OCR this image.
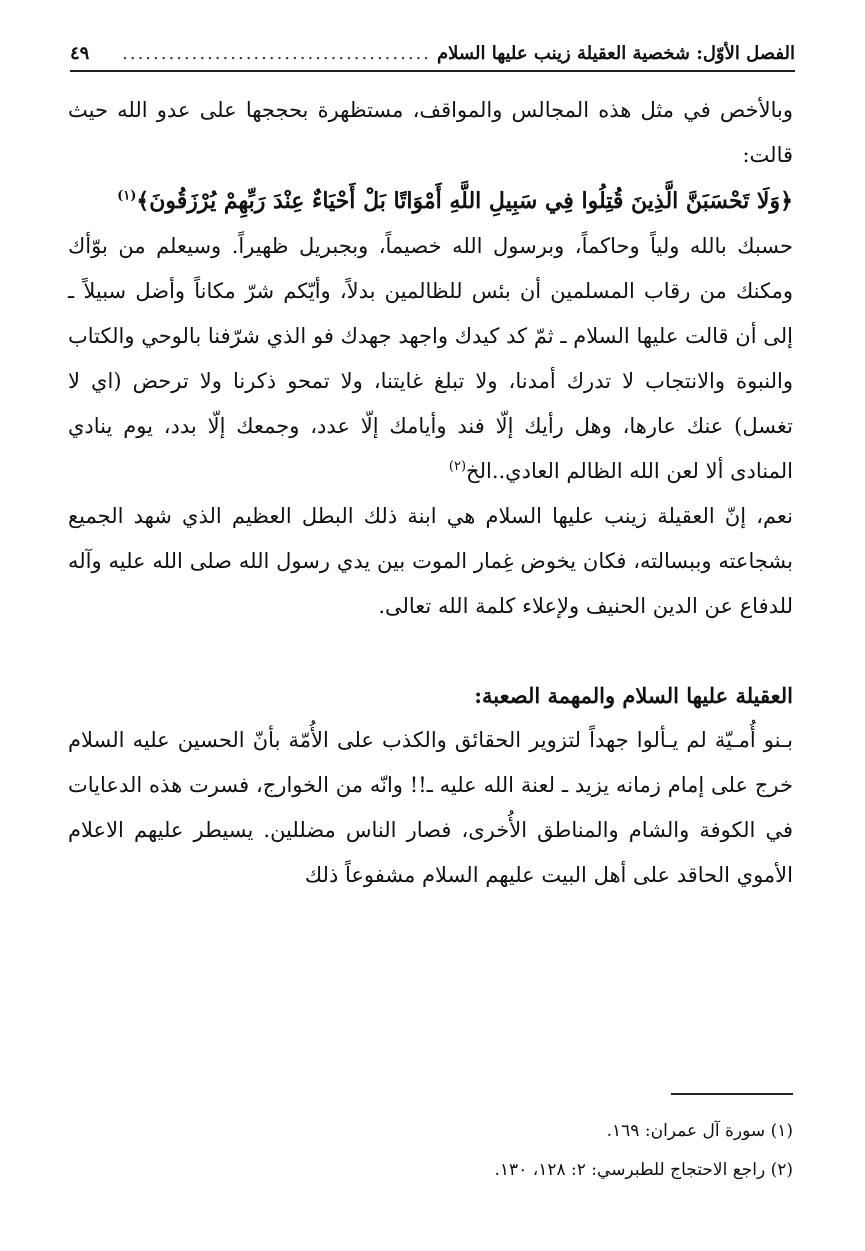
الفصل الأوّل: شخصية العقيلة زينب عليها السلام
........................................
٤٩

وبالأخص في مثل هذه المجالس والمواقف، مستظهرة بحججها على عدو الله حيث قالت:

﴿وَلَا تَحْسَبَنَّ الَّذِينَ قُتِلُوا فِي سَبِيلِ اللَّهِ أَمْوَاتًا بَلْ أَحْيَاءٌ عِنْدَ رَبِّهِمْ يُرْزَقُونَ﴾$^{(١)}$

حسبك بالله ولياً وحاكماً، وبرسول الله خصيماً، وبجبريل ظهيراً. وسيعلم من بوّأك ومكنك من رقاب المسلمين أن بئس للظالمين بدلاً، وأيّكم شرّ مكاناً وأضل سبيلاً ـ إلى أن قالت عليها السلام ـ ثمّ كد كيدك واجهد جهدك فو الذي شرّفنا بالوحي والكتاب والنبوة والانتجاب لا تدرك أمدنا، ولا تبلغ غايتنا، ولا تمحو ذكرنا ولا ترحض (اي لا تغسل) عنك عارها، وهل رأيك إلّا فند وأيامك إلّا عدد، وجمعك إلّا بدد، يوم ينادي المنادى ألا لعن الله الظالم العادي..الخ$^{(٢)}$

نعم، إنّ العقيلة زينب عليها السلام هي ابنة ذلك البطل العظيم الذي شهد الجميع بشجاعته وببسالته، فكان يخوض غِمار الموت بين يدي رسول الله صلى الله عليه وآله للدفاع عن الدين الحنيف ولإعلاء كلمة الله تعالى.

العقيلة عليها السلام والمهمة الصعبة:

بـنو أُمـيّة لم يـألوا جهداً لتزوير الحقائق والكذب على الأُمّة بأنّ الحسين عليه السلام خرج على إمام زمانه يزيد ـ لعنة الله عليه ـ!! وانّه من الخوارج، فسرت هذه الدعايات في الكوفة والشام والمناطق الأُخرى، فصار الناس مضللين. يسيطر عليهم الاعلام الأموي الحاقد على أهل البيت عليهم السلام مشفوعاً ذلك

(١) سورة آل عمران: ١٦٩.
(٢) راجع الاحتجاج للطبرسي: ٢: ١٢٨، ١٣٠.
